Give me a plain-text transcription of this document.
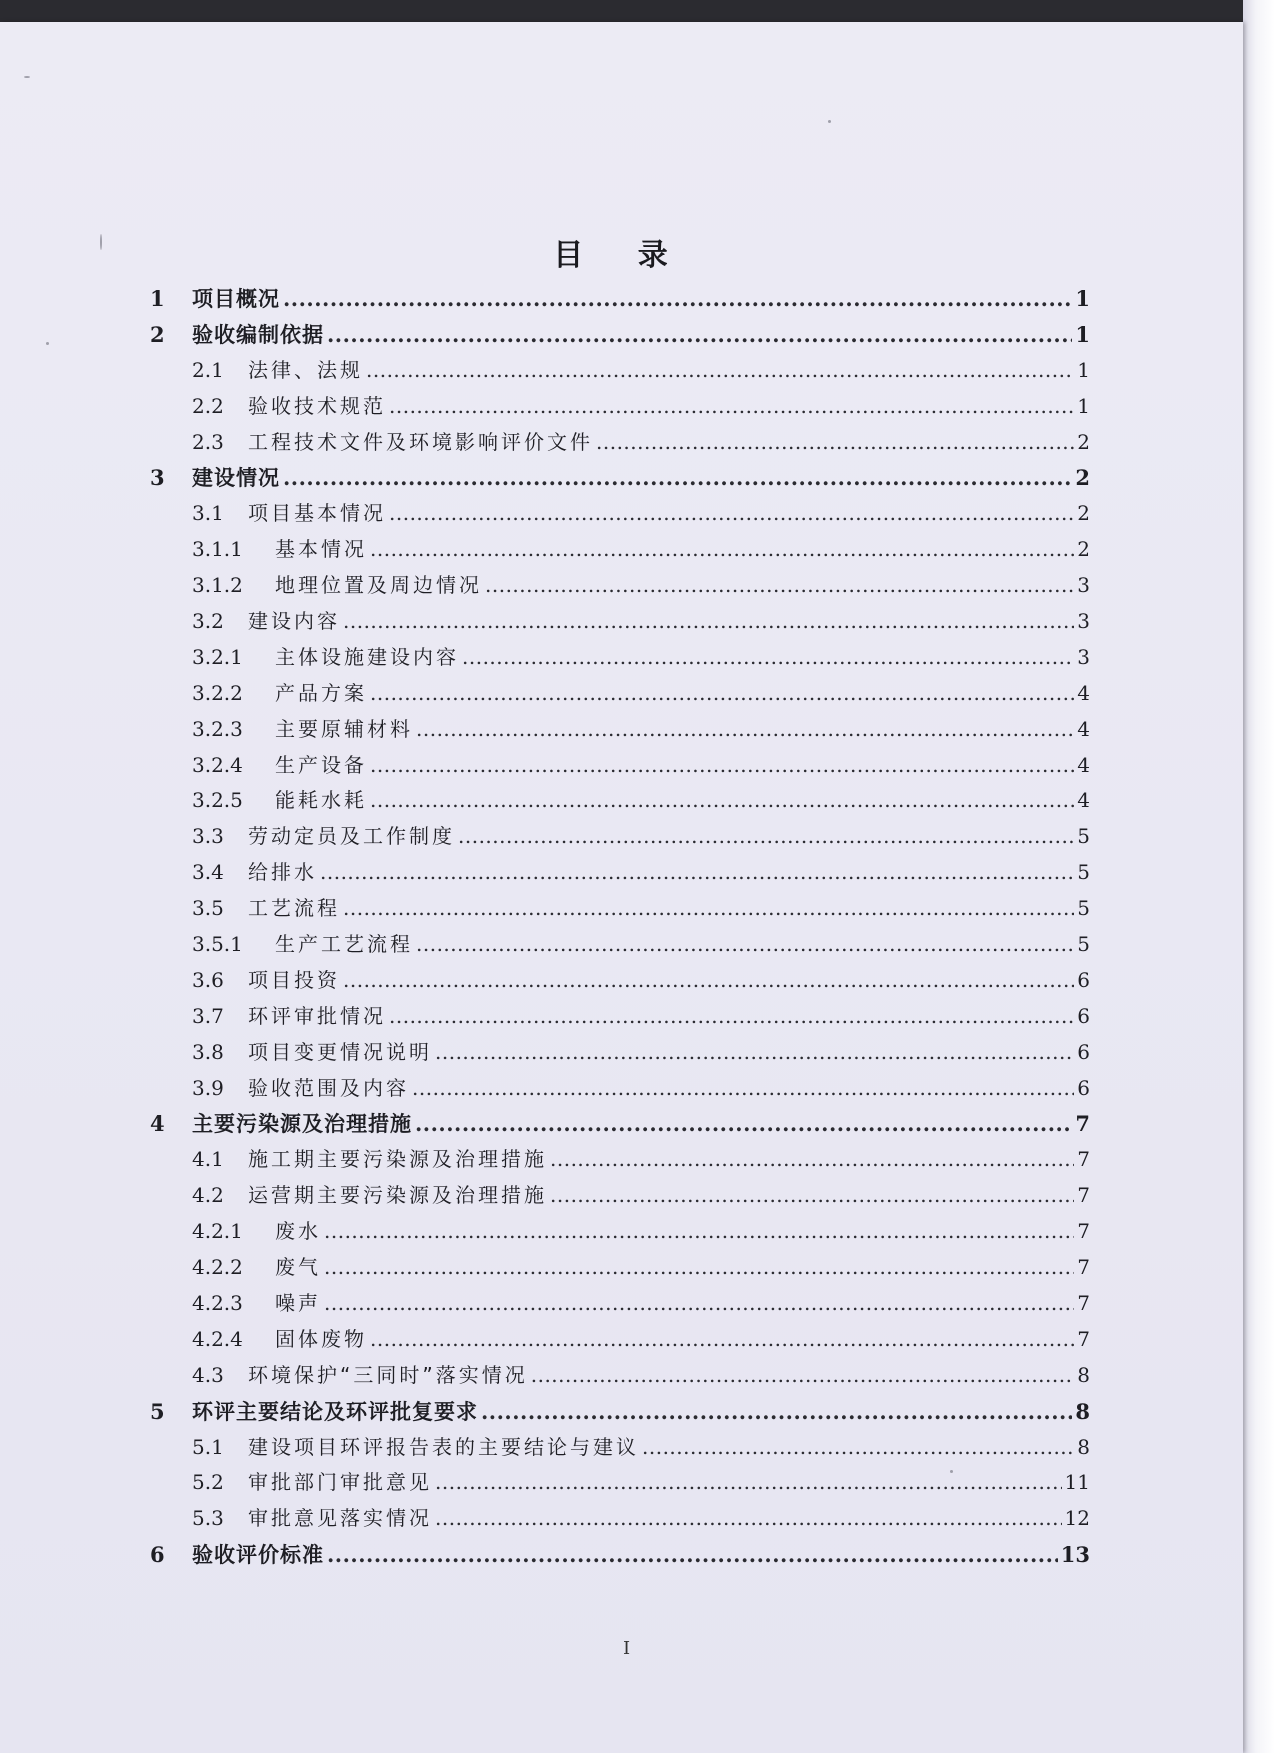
目 录
1	项目概况 .....	1
2	验收编制依据 .....	1
2.1	法律、法规 .....	1
2.2	验收技术规范 .....	1
2.3	工程技术文件及环境影响评价文件 .....	2
3	建设情况 .....	2
3.1	项目基本情况 .....	2
3.1.1	基本情况 .....	2
3.1.2	地理位置及周边情况 .....	3
3.2	建设内容 .....	3
3.2.1	主体设施建设内容 .....	3
3.2.2	产品方案 .....	4
3.2.3	主要原辅材料 .....	4
3.2.4	生产设备 .....	4
3.2.5	能耗水耗 .....	4
3.3	劳动定员及工作制度 .....	5
3.4	给排水 .....	5
3.5	工艺流程 .....	5
3.5.1	生产工艺流程 .....	5
3.6	项目投资 .....	6
3.7	环评审批情况 .....	6
3.8	项目变更情况说明 .....	6
3.9	验收范围及内容 .....	6
4	主要污染源及治理措施 .....	7
4.1	施工期主要污染源及治理措施 .....	7
4.2	运营期主要污染源及治理措施 .....	7
4.2.1	废水 .....	7
4.2.2	废气 .....	7
4.2.3	噪声 .....	7
4.2.4	固体废物 .....	7
4.3	环境保护“三同时”落实情况 .....	8
5	环评主要结论及环评批复要求 .....	8
5.1	建设项目环评报告表的主要结论与建议 .....	8
5.2	审批部门审批意见 .....	11
5.3	审批意见落实情况 .....	12
6	验收评价标准 .....	13
I
